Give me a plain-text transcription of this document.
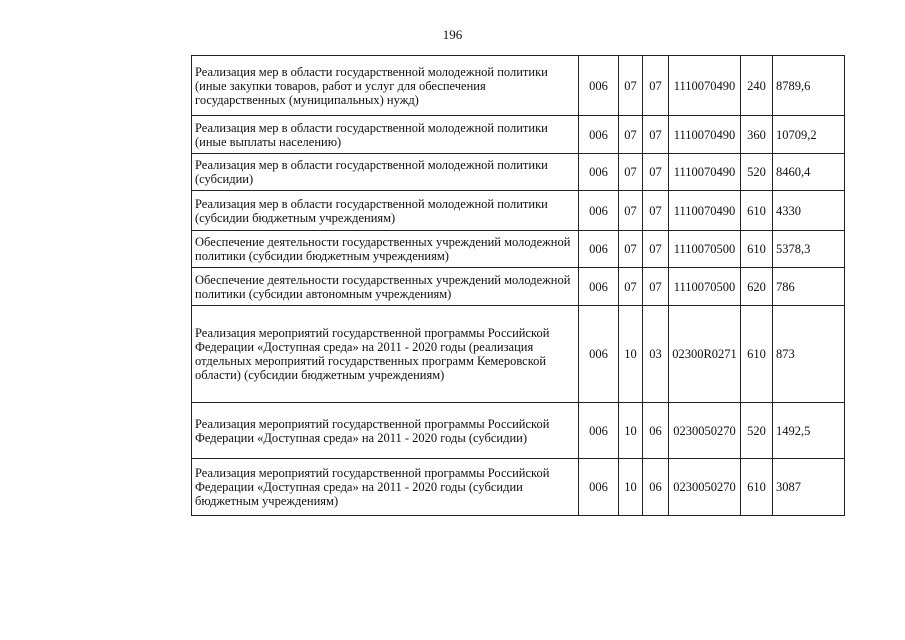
196
Реализация мер в области государственной молодежной политики (иные закупки товаров, работ и услуг для обеспечения государственных (муниципальных) нужд)	006	07	07	1110070490	240	8789,6
Реализация мер в области государственной молодежной политики (иные выплаты населению)	006	07	07	1110070490	360	10709,2
Реализация мер в области государственной молодежной политики (субсидии)	006	07	07	1110070490	520	8460,4
Реализация мер в области государственной молодежной политики (субсидии бюджетным учреждениям)	006	07	07	1110070490	610	4330
Обеспечение деятельности государственных учреждений молодежной политики (субсидии бюджетным учреждениям)	006	07	07	1110070500	610	5378,3
Обеспечение деятельности государственных учреждений молодежной политики (субсидии автономным учреждениям)	006	07	07	1110070500	620	786
Реализация мероприятий государственной программы Российской Федерации «Доступная среда» на 2011 - 2020 годы (реализация отдельных мероприятий государственных программ Кемеровской области) (субсидии бюджетным учреждениям)	006	10	03	02300R0271	610	873
Реализация мероприятий государственной программы Российской Федерации «Доступная среда» на 2011 - 2020 годы (субсидии)	006	10	06	0230050270	520	1492,5
Реализация мероприятий государственной программы Российской Федерации «Доступная среда» на 2011 - 2020 годы (субсидии бюджетным учреждениям)	006	10	06	0230050270	610	3087
